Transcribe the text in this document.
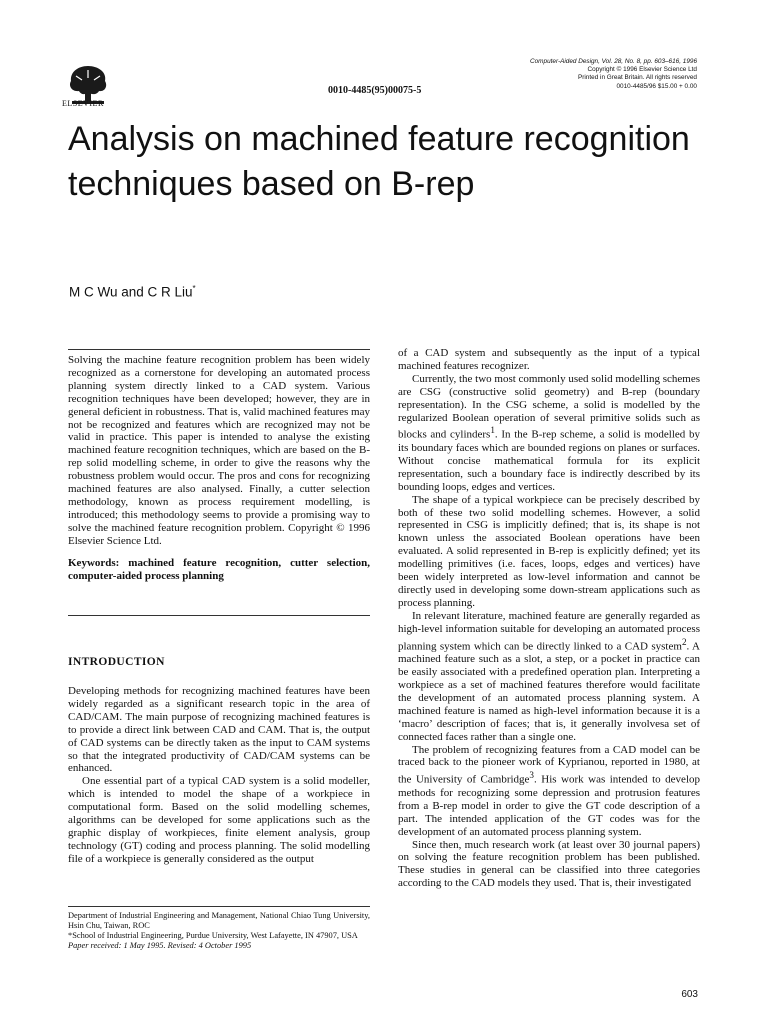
ELSEVIER
0010-4485(95)00075-5
Computer-Aided Design, Vol. 28, No. 8, pp. 603–616, 1996
Copyright © 1996 Elsevier Science Ltd
Printed in Great Britain. All rights reserved
0010-4485/96 $15.00 + 0.00
Analysis on machined feature recognition techniques based on B-rep
M C Wu and C R Liu*

Solving the machine feature recognition problem has been widely recognized as a cornerstone for developing an automated process planning system directly linked to a CAD system. Various recognition techniques have been developed; however, they are in general deficient in robustness. That is, valid machined features may not be recognized and features which are recognized may not be valid in practice. This paper is intended to analyse the existing machined feature recognition techniques, which are based on the B-rep solid modelling scheme, in order to give the reasons why the robustness problem would occur. The pros and cons for recognizing machined features are also analysed. Finally, a cutter selection methodology, known as process requirement modelling, is introduced; this methodology seems to provide a promising way to solve the machined feature recognition problem. Copyright © 1996 Elsevier Science Ltd.

Keywords: machined feature recognition, cutter selection, computer-aided process planning

INTRODUCTION

Developing methods for recognizing machined features have been widely regarded as a significant research topic in the area of CAD/CAM. The main purpose of recognizing machined features is to provide a direct link between CAD and CAM. That is, the output of CAD systems can be directly taken as the input to CAM systems so that the integrated productivity of CAD/CAM systems can be enhanced.

One essential part of a typical CAD system is a solid modeller, which is intended to model the shape of a workpiece in computational form. Based on the solid modelling schemes, algorithms can be developed for some applications such as the graphic display of workpieces, finite element analysis, group technology (GT) coding and process planning. The solid modelling file of a workpiece is generally considered as the output

Department of Industrial Engineering and Management, National Chiao Tung University, Hsin Chu, Taiwan, ROC
*School of Industrial Engineering, Purdue University, West Lafayette, IN 47907, USA
Paper received: 1 May 1995. Revised: 4 October 1995

of a CAD system and subsequently as the input of a typical machined features recognizer.

Currently, the two most commonly used solid modelling schemes are CSG (constructive solid geometry) and B-rep (boundary representation). In the CSG scheme, a solid is modelled by the regularized Boolean operation of several primitive solids such as blocks and cylinders$^1$. In the B-rep scheme, a solid is modelled by its boundary faces which are bounded regions on planes or surfaces. Without concise mathematical formula for its explicit representation, such a boundary face is indirectly described by its bounding loops, edges and vertices.

The shape of a typical workpiece can be precisely described by both of these two solid modelling schemes. However, a solid represented in CSG is implicitly defined; that is, its shape is not known unless the associated Boolean operations have been evaluated. A solid represented in B-rep is explicitly defined; yet its modelling primitives (i.e. faces, loops, edges and vertices) have been widely interpreted as low-level information and cannot be directly used in developing some down-stream applications such as process planning.

In relevant literature, machined feature are generally regarded as high-level information suitable for developing an automated process planning system which can be directly linked to a CAD system$^2$. A machined feature such as a slot, a step, or a pocket in practice can be easily associated with a predefined operation plan. Interpreting a workpiece as a set of machined features therefore would facilitate the development of an automated process planning system. A machined feature is named as high-level information because it is a ‘macro’ description of faces; that is, it generally involvesa set of connected faces rather than a single one.

The problem of recognizing features from a CAD model can be traced back to the pioneer work of Kyprianou, reported in 1980, at the University of Cambridge$^3$. His work was intended to develop methods for recognizing some depression and protrusion features from a B-rep model in order to give the GT code description of a part. The intended application of the GT codes was for the development of an automated process planning system.

Since then, much research work (at least over 30 journal papers) on solving the feature recognition problem has been published. These studies in general can be classified into three categories according to the CAD models they used. That is, their investigated

603
